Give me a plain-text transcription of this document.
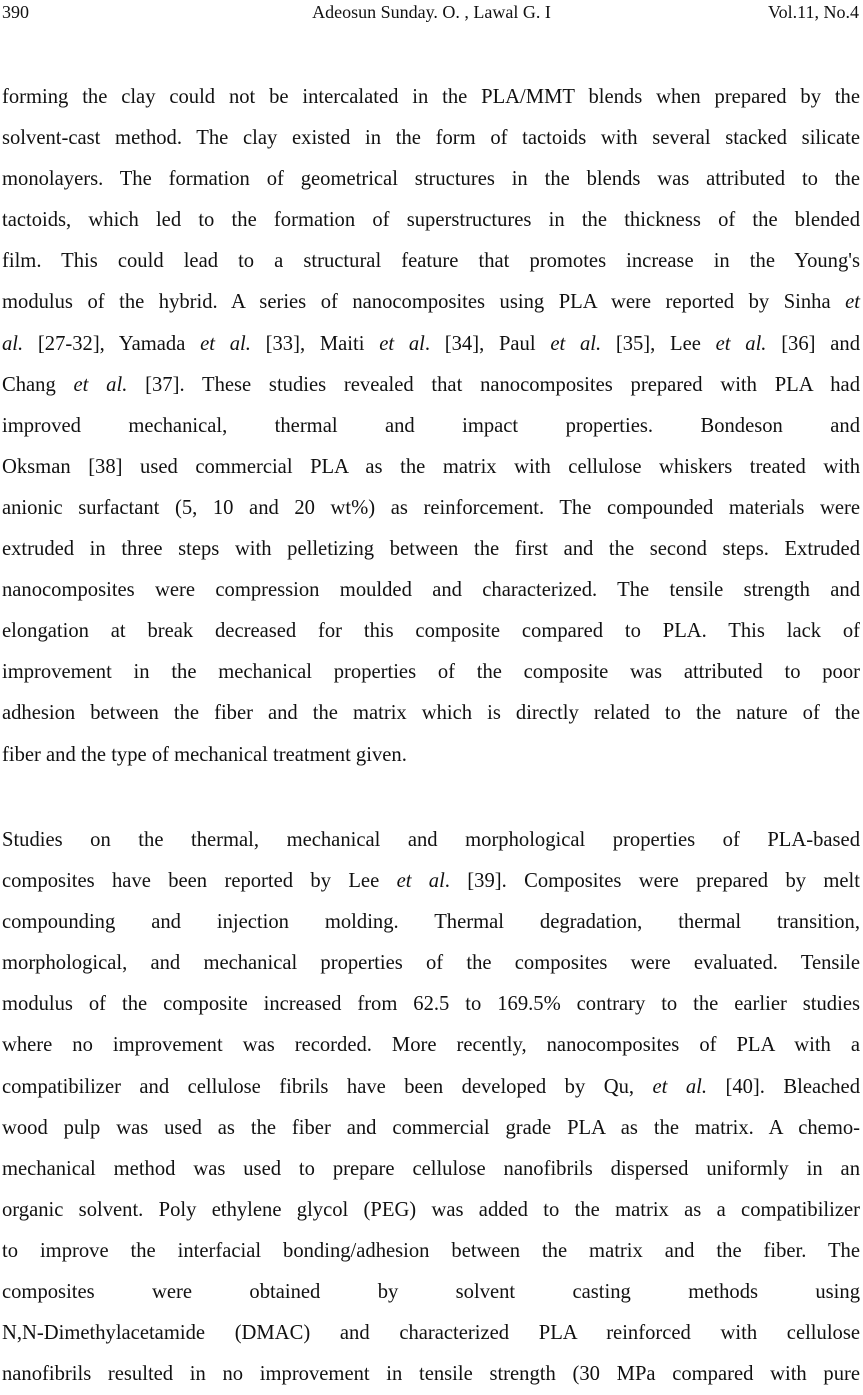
390	Adeosun Sunday. O. , Lawal G. I	Vol.11, No.4
forming the clay could not be intercalated in the PLA/MMT blends when prepared by the
solvent-cast method. The clay existed in the form of tactoids with several stacked silicate
monolayers. The formation of geometrical structures in the blends was attributed to the
tactoids, which led to the formation of superstructures in the thickness of the blended
film. This could lead to a structural feature that promotes increase in the Young's
modulus of the hybrid. A series of nanocomposites using PLA were reported by Sinha et
al. [27-32], Yamada et al. [33], Maiti et al. [34], Paul et al. [35], Lee et al. [36] and
Chang et al. [37]. These studies revealed that nanocomposites prepared with PLA had
improved mechanical, thermal and impact properties. Bondeson and
Oksman [38] used commercial PLA as the matrix with cellulose whiskers treated with
anionic surfactant (5, 10 and 20 wt%) as reinforcement. The compounded materials were
extruded in three steps with pelletizing between the first and the second steps. Extruded
nanocomposites were compression moulded and characterized. The tensile strength and
elongation at break decreased for this composite compared to PLA. This lack of
improvement in the mechanical properties of the composite was attributed to poor
adhesion between the fiber and the matrix which is directly related to the nature of the
fiber and the type of mechanical treatment given.
Studies on the thermal, mechanical and morphological properties of PLA-based
composites have been reported by Lee et al. [39]. Composites were prepared by melt
compounding and injection molding. Thermal degradation, thermal transition,
morphological, and mechanical properties of the composites were evaluated. Tensile
modulus of the composite increased from 62.5 to 169.5% contrary to the earlier studies
where no improvement was recorded. More recently, nanocomposites of PLA with a
compatibilizer and cellulose fibrils have been developed by Qu, et al. [40]. Bleached
wood pulp was used as the fiber and commercial grade PLA as the matrix. A chemo-
mechanical method was used to prepare cellulose nanofibrils dispersed uniformly in an
organic solvent. Poly ethylene glycol (PEG) was added to the matrix as a compatibilizer
to improve the interfacial bonding/adhesion between the matrix and the fiber. The
composites were obtained by solvent casting methods using
N,N-Dimethylacetamide (DMAC) and characterized PLA reinforced with cellulose
nanofibrils resulted in no improvement in tensile strength (30 MPa compared with pure
